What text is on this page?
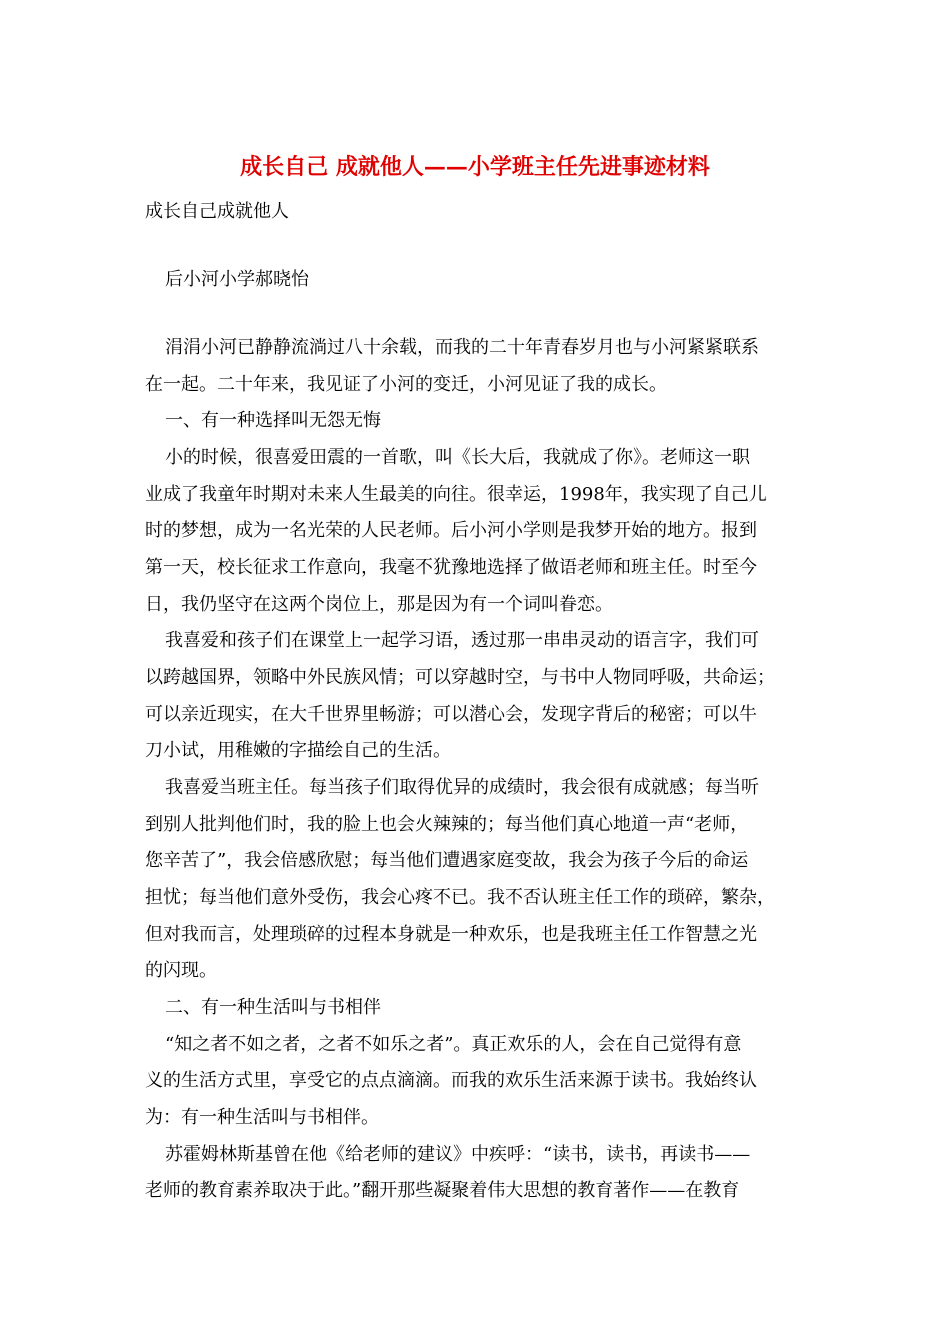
成长自己 成就他人——小学班主任先进事迹材料

成长自己成就他人

后小河小学郝晓怡

涓涓小河已静静流淌过八十余载，而我的二十年青春岁月也与小河紧紧联系

在一起。二十年来，我见证了小河的变迁，小河见证了我的成长。

一、有一种选择叫无怨无悔

小的时候，很喜爱田震的一首歌，叫《长大后，我就成了你》。老师这一职

业成了我童年时期对未来人生最美的向往。很幸运，1998年，我实现了自己儿

时的梦想，成为一名光荣的人民老师。后小河小学则是我梦开始的地方。报到

第一天，校长征求工作意向，我毫不犹豫地选择了做语老师和班主任。时至今

日，我仍坚守在这两个岗位上，那是因为有一个词叫眷恋。

我喜爱和孩子们在课堂上一起学习语，透过那一串串灵动的语言字，我们可

以跨越国界，领略中外民族风情；可以穿越时空，与书中人物同呼吸，共命运；

可以亲近现实，在大千世界里畅游；可以潜心会，发现字背后的秘密；可以牛

刀小试，用稚嫩的字描绘自己的生活。

我喜爱当班主任。每当孩子们取得优异的成绩时，我会很有成就感；每当听

到别人批判他们时，我的脸上也会火辣辣的；每当他们真心地道一声“老师，

您辛苦了”，我会倍感欣慰；每当他们遭遇家庭变故，我会为孩子今后的命运

担忧；每当他们意外受伤，我会心疼不已。我不否认班主任工作的琐碎，繁杂，

但对我而言，处理琐碎的过程本身就是一种欢乐，也是我班主任工作智慧之光

的闪现。

二、有一种生活叫与书相伴

“知之者不如之者，之者不如乐之者”。真正欢乐的人，会在自己觉得有意

义的生活方式里，享受它的点点滴滴。而我的欢乐生活来源于读书。我始终认

为：有一种生活叫与书相伴。

苏霍姆林斯基曾在他《给老师的建议》中疾呼：“读书，读书，再读书——

老师的教育素养取决于此。”翻开那些凝聚着伟大思想的教育著作——在教育
